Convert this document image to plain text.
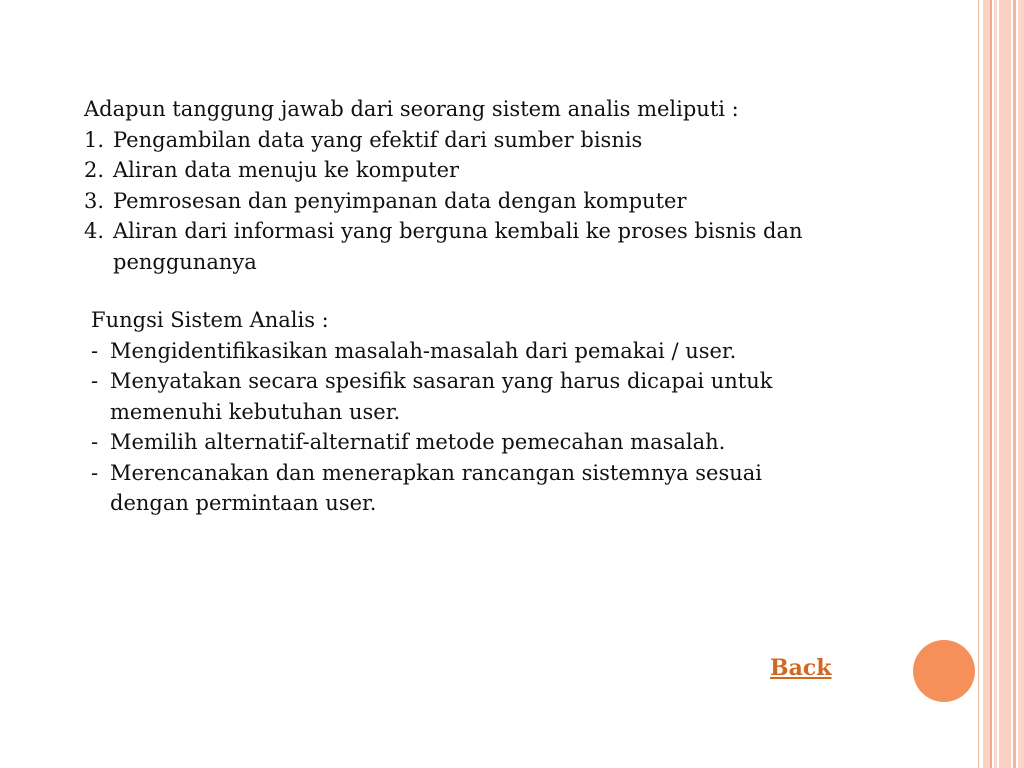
Adapun tanggung jawab dari seorang sistem analis meliputi :
1. Pengambilan data yang efektif dari sumber bisnis
2. Aliran data menuju ke komputer
3. Pemrosesan dan penyimpanan data dengan komputer
4. Aliran dari informasi yang berguna kembali ke proses bisnis dan
penggunanya
Fungsi Sistem Analis :
- Mengidentifikasikan masalah-masalah dari pemakai / user.
- Menyatakan secara spesifik sasaran yang harus dicapai untuk
memenuhi kebutuhan user.
- Memilih alternatif-alternatif metode pemecahan masalah.
- Merencanakan dan menerapkan rancangan sistemnya sesuai
dengan permintaan user.
Back
